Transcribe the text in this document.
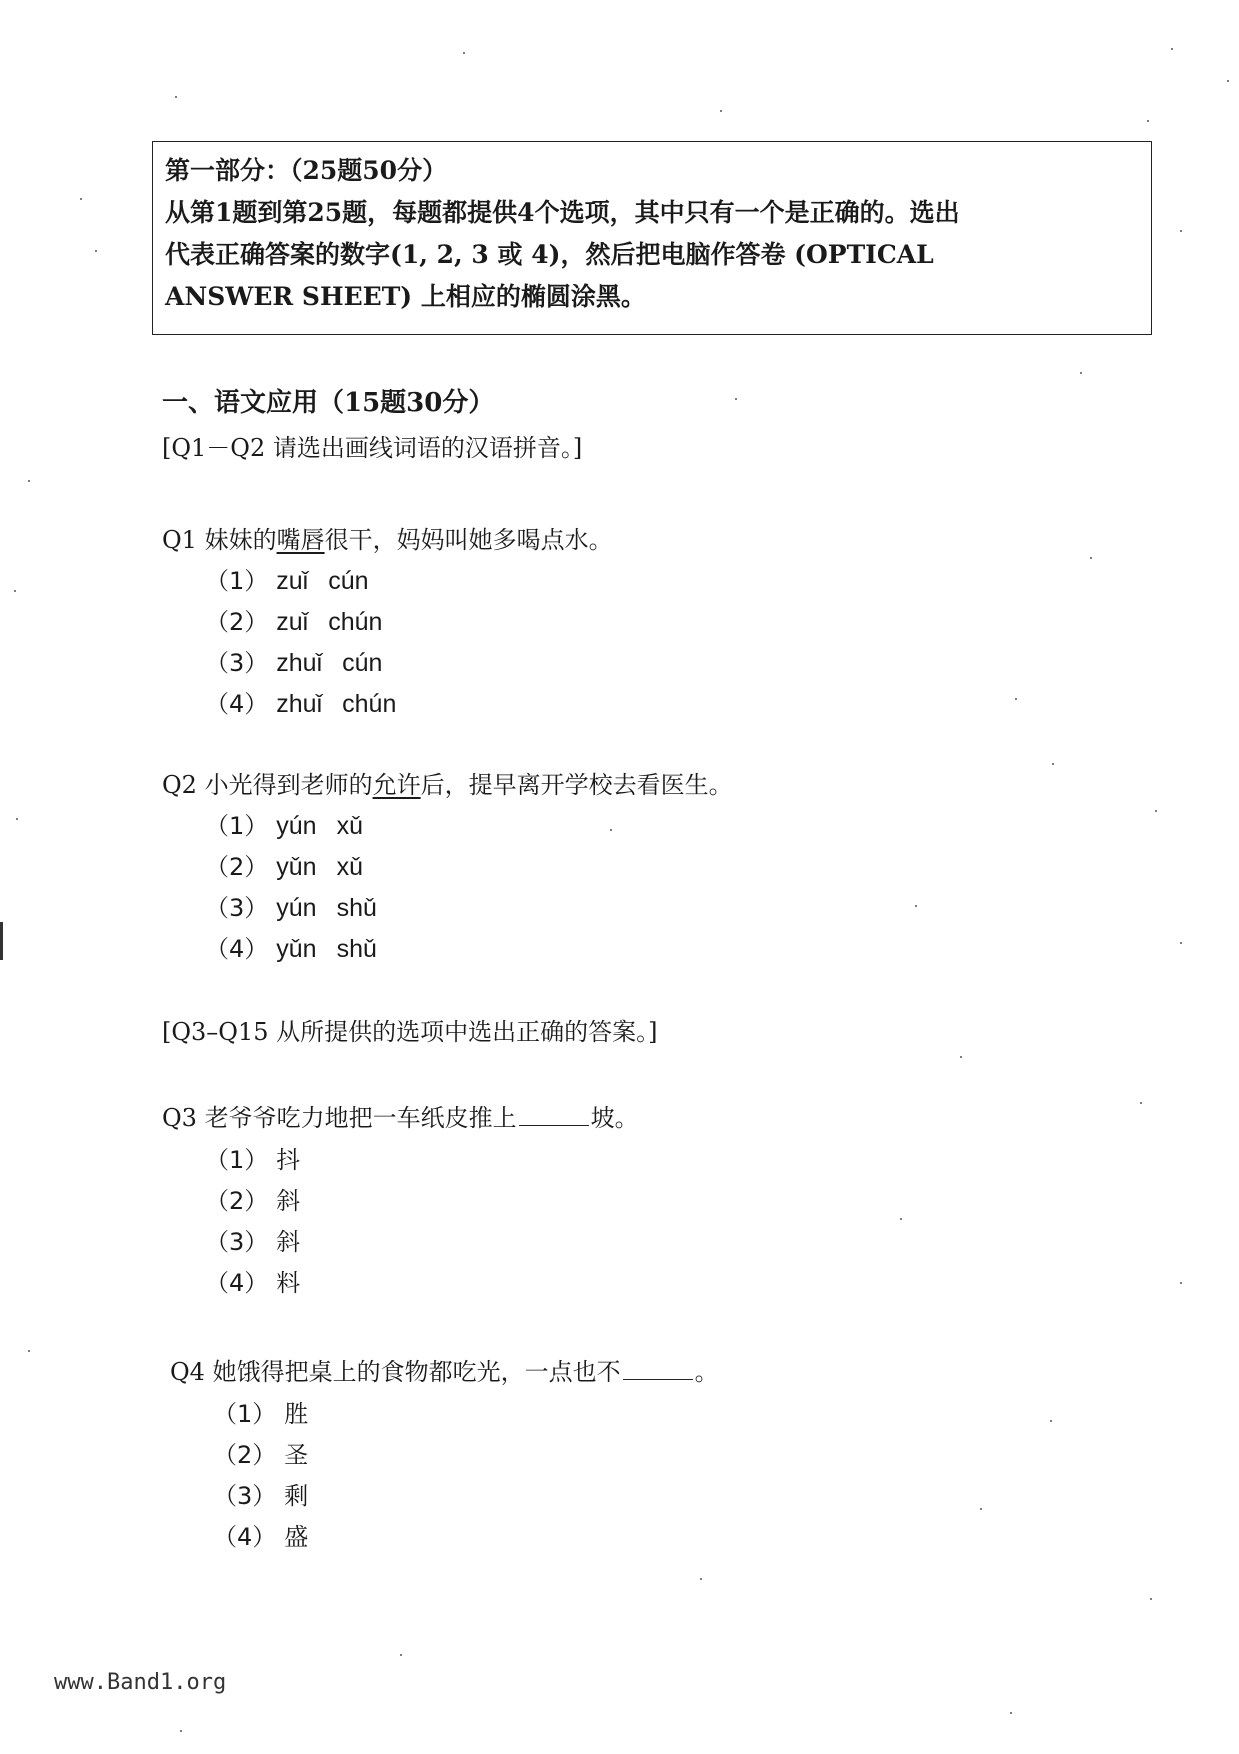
第一部分：（25题50分）
从第1题到第25题，每题都提供4个选项，其中只有一个是正确的。选出
代表正确答案的数字(1, 2, 3 或 4)，然后把电脑作答卷 (OPTICAL
ANSWER SHEET) 上相应的椭圆涂黑。
一、语文应用（15题30分）
[Q1－Q2 请选出画线词语的汉语拼音。]
Q1 妹妹的嘴唇很干，妈妈叫她多喝点水。
（1） zuǐ cún
（2） zuǐ chún
（3） zhuǐ cún
（4） zhuǐ chún
Q2 小光得到老师的允许后，提早离开学校去看医生。
（1） yún xǔ
（2） yǔn xǔ
（3） yún shǔ
（4） yǔn shǔ
[Q3–Q15 从所提供的选项中选出正确的答案。]
Q3 老爷爷吃力地把一车纸皮推上	坡。
（1） 抖
（2） 斜
（3） 斜
（4） 料
Q4 她饿得把桌上的食物都吃光，一点也不	。
（1） 胜
（2） 圣
（3） 剩
（4） 盛
www.Band1.org
